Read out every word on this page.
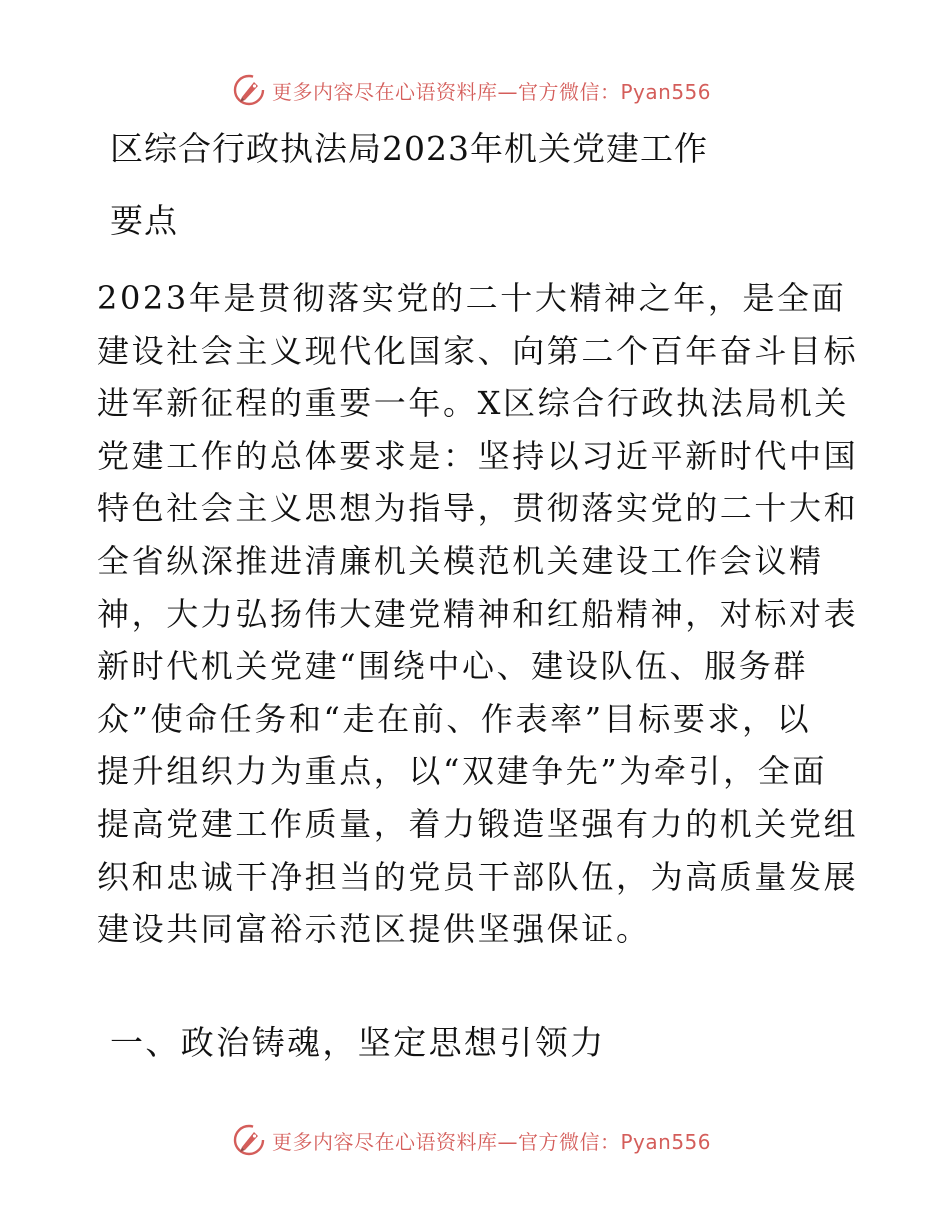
更多内容尽在心语资料库—官方微信：Pyan556
区综合行政执法局2023年机关党建工作
要点
2023年是贯彻落实党的二十大精神之年，是全面
建设社会主义现代化国家、向第二个百年奋斗目标
进军新征程的重要一年。X区综合行政执法局机关
党建工作的总体要求是：坚持以习近平新时代中国
特色社会主义思想为指导，贯彻落实党的二十大和
全省纵深推进清廉机关模范机关建设工作会议精
神，大力弘扬伟大建党精神和红船精神，对标对表
新时代机关党建“围绕中心、建设队伍、服务群
众”使命任务和“走在前、作表率”目标要求，以
提升组织力为重点，以“双建争先”为牵引，全面
提高党建工作质量，着力锻造坚强有力的机关党组
织和忠诚干净担当的党员干部队伍，为高质量发展
建设共同富裕示范区提供坚强保证。
一、政治铸魂，坚定思想引领力
更多内容尽在心语资料库—官方微信：Pyan556
